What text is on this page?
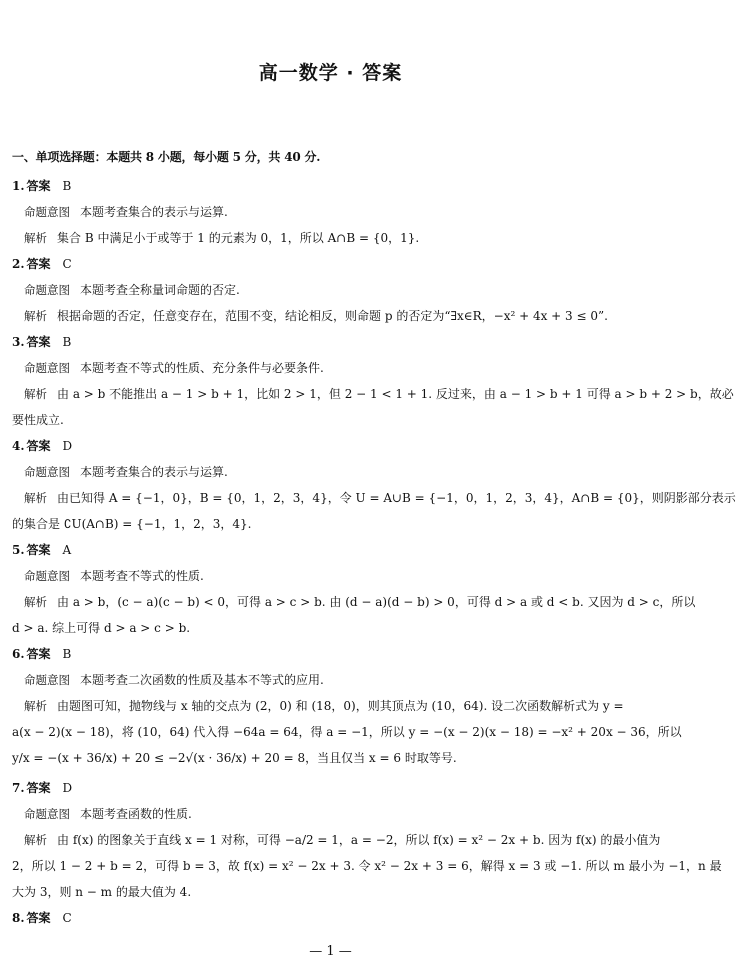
高一数学 · 答案
一、单项选择题：本题共 8 小题，每小题 5 分，共 40 分.
1. 答案 B
命题意图 本题考查集合的表示与运算.
解析 集合 B 中满足小于或等于 1 的元素为 0，1，所以 A∩B = {0，1}.
2. 答案 C
命题意图 本题考查全称量词命题的否定.
解析 根据命题的否定，任意变存在，范围不变，结论相反，则命题 p 的否定为“∃x∈R，−x² + 4x + 3 ≤ 0”.
3. 答案 B
命题意图 本题考查不等式的性质、充分条件与必要条件.
解析 由 a > b 不能推出 a − 1 > b + 1，比如 2 > 1，但 2 − 1 < 1 + 1. 反过来，由 a − 1 > b + 1 可得 a > b + 2 > b，故必
要性成立.
4. 答案 D
命题意图 本题考查集合的表示与运算.
解析 由已知得 A = {−1，0}，B = {0，1，2，3，4}，令 U = A∪B = {−1，0，1，2，3，4}，A∩B = {0}，则阴影部分表示
的集合是 ∁U(A∩B) = {−1，1，2，3，4}.
5. 答案 A
命题意图 本题考查不等式的性质.
解析 由 a > b，(c − a)(c − b) < 0，可得 a > c > b. 由 (d − a)(d − b) > 0，可得 d > a 或 d < b. 又因为 d > c，所以
d > a. 综上可得 d > a > c > b.
6. 答案 B
命题意图 本题考查二次函数的性质及基本不等式的应用.
解析 由题图可知，抛物线与 x 轴的交点为 (2，0) 和 (18，0)，则其顶点为 (10，64). 设二次函数解析式为 y =
a(x − 2)(x − 18)，将 (10，64) 代入得 −64a = 64，得 a = −1，所以 y = −(x − 2)(x − 18) = −x² + 20x − 36，所以
y/x = −(x + 36/x) + 20 ≤ −2√(x · 36/x) + 20 = 8，当且仅当 x = 6 时取等号.
7. 答案 D
命题意图 本题考查函数的性质.
解析 由 f(x) 的图象关于直线 x = 1 对称，可得 −a/2 = 1，a = −2，所以 f(x) = x² − 2x + b. 因为 f(x) 的最小值为
2，所以 1 − 2 + b = 2，可得 b = 3，故 f(x) = x² − 2x + 3. 令 x² − 2x + 3 = 6，解得 x = 3 或 −1. 所以 m 最小为 −1，n 最
大为 3，则 n − m 的最大值为 4.
8. 答案 C
— 1 —
